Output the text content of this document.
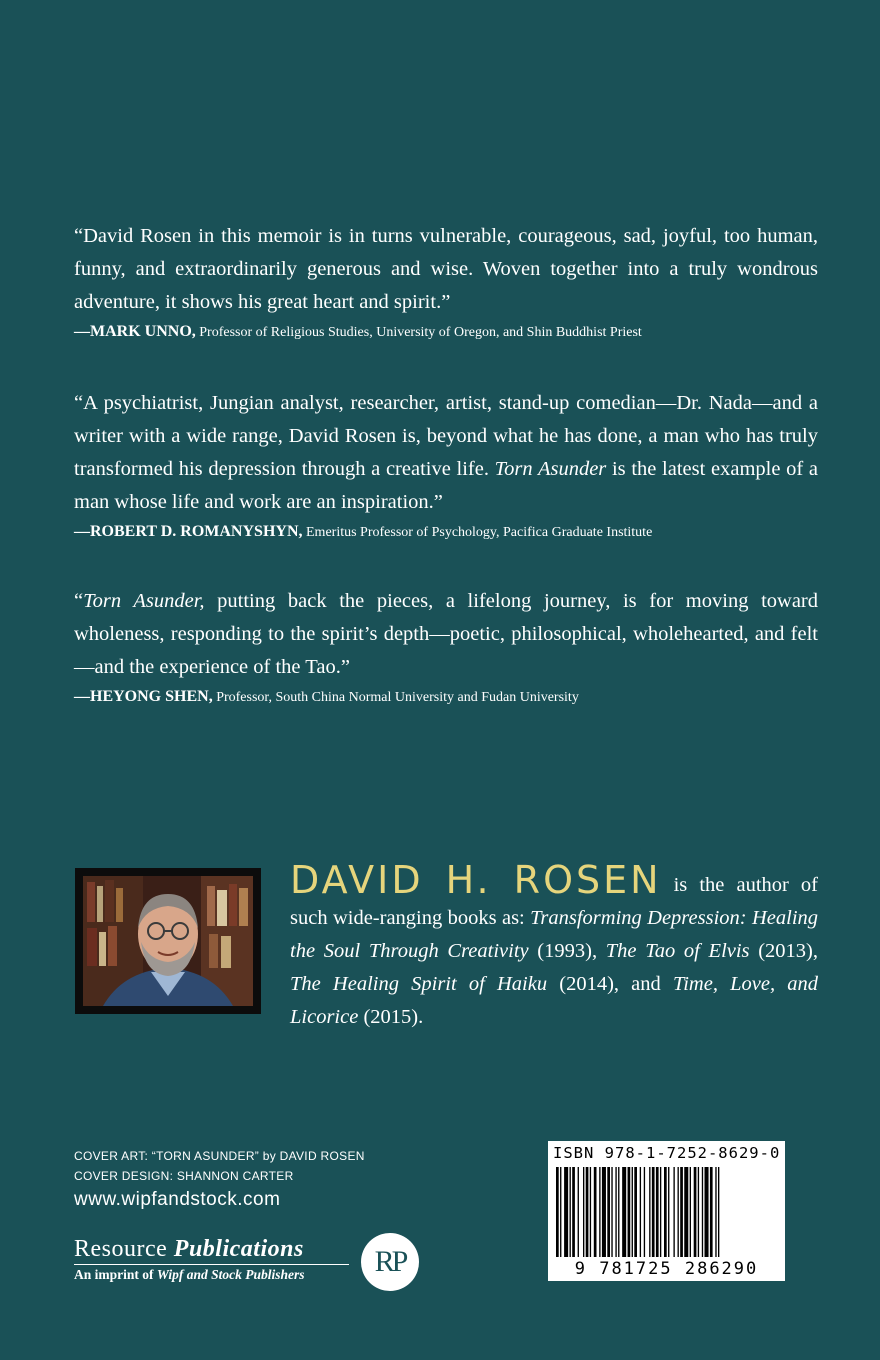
“David Rosen in this memoir is in turns vulnerable, courageous, sad, joyful, too human, funny, and extraordinarily generous and wise. Woven together into a truly wondrous adventure, it shows his great heart and spirit.”

—MARK UNNO, Professor of Religious Studies, University of Oregon, and Shin Buddhist Priest

“A psychiatrist, Jungian analyst, researcher, artist, stand-up comedian—Dr. Nada—and a writer with a wide range, David Rosen is, beyond what he has done, a man who has truly transformed his depression through a creative life. Torn Asunder is the latest example of a man whose life and work are an inspiration.”

—ROBERT D. ROMANYSHYN, Emeritus Professor of Psychology, Pacifica Graduate Institute

“Torn Asunder, putting back the pieces, a lifelong journey, is for moving toward wholeness, responding to the spirit’s depth—poetic, philosophical, wholehearted, and felt—and the experience of the Tao.”

—HEYONG SHEN, Professor, South China Normal University and Fudan University
DAVID H. ROSEN is the author of such wide-ranging books as: Transforming Depression: Healing the Soul Through Creativity (1993), The Tao of Elvis (2013), The Healing Spirit of Haiku (2014), and Time, Love, and Licorice (2015).
COVER ART: “TORN ASUNDER” by DAVID ROSEN
COVER DESIGN: SHANNON CARTER
www.wipfandstock.com
Resource Publications
An imprint of Wipf and Stock Publishers	RP
ISBN 978-1-7252-8629-0
9 781725 286290
